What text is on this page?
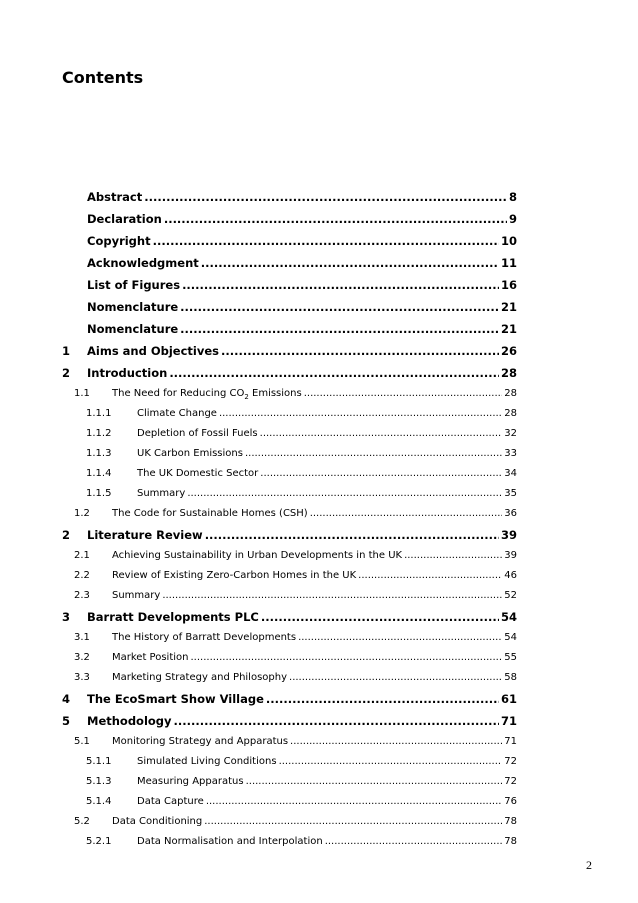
Contents
Abstract .....	8
Declaration .....	9
Copyright .....	10
Acknowledgment .....	11
List of Figures .....	16
Nomenclature .....	21
Nomenclature .....	21
1	Aims and Objectives .....	26
2	Introduction .....	28
1.1	The Need for Reducing $CO_2$ Emissions .....	28
1.1.1	Climate Change .....	28
1.1.2	Depletion of Fossil Fuels .....	32
1.1.3	UK Carbon Emissions .....	33
1.1.4	The UK Domestic Sector .....	34
1.1.5	Summary .....	35
1.2	The Code for Sustainable Homes (CSH) .....	36
2	Literature Review .....	39
2.1	Achieving Sustainability in Urban Developments in the UK .....	39
2.2	Review of Existing Zero-Carbon Homes in the UK .....	46
2.3	Summary .....	52
3	Barratt Developments PLC .....	54
3.1	The History of Barratt Developments .....	54
3.2	Market Position .....	55
3.3	Marketing Strategy and Philosophy .....	58
4	The EcoSmart Show Village .....	61
5	Methodology .....	71
5.1	Monitoring Strategy and Apparatus .....	71
5.1.1	Simulated Living Conditions .....	72
5.1.3	Measuring Apparatus .....	72
5.1.4	Data Capture .....	76
5.2	Data Conditioning .....	78
5.2.1	Data Normalisation and Interpolation .....	78
2
